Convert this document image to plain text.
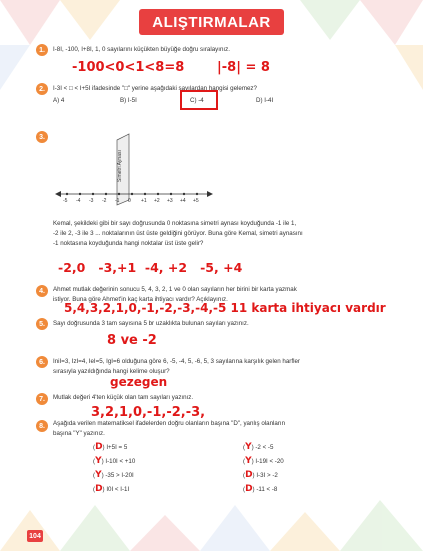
ALIŞTIRMALAR
1.	I-8I, -100, I+8I, 1, 0 sayılarını küçükten büyüğe doğru sıralayınız.
-100<0<1<8=8	|-8| = 8
2.	I-3I < □ < I+5I ifadesinde "□" yerine aşağıdaki sayılardan hangisi gelemez?
A) 4	B) I-5I	C) -4	D) I-4I
3.
Simetri Aynası
-5 -4 -3 -2 -1 0 +1 +2 +3 +4 +5
Kemal, şekildeki gibi bir sayı doğrusunda 0 noktasına simetri aynası koyduğunda -1 ile 1,
-2 ile 2, -3 ile 3 ... noktalarının üst üste geldiğini görüyor. Buna göre Kemal, simetri aynasını
-1 noktasına koyduğunda hangi noktalar üst üste gelir?
-2,0   -3,+1  -4, +2   -5, +4
4.	Ahmet mutlak değerinin sonucu 5, 4, 3, 2, 1 ve 0 olan sayıların her birini bir karta yazmak
istiyor. Buna göre Ahmet'in kaç karta ihtiyacı vardır? Açıklayınız.
5,4,3,2,1,0,-1,-2,-3,-4,-5 11 karta ihtiyacı vardır
5.	Sayı doğrusunda 3 tam sayısına 5 br uzaklıkta bulunan sayıları yazınız.
8 ve -2
6.	IniI=3, IzI=4, IeI=5, IgI=6 olduğuna göre 6, -5, -4, 5, -6, 5, 3 sayılarına karşılık gelen harfler
sırasıyla yazıldığında hangi kelime oluşur?
gezegen
7.	Mutlak değeri 4'ten küçük olan tam sayıları yazınız.
3,2,1,0,-1,-2,-3,
8.	Aşağıda verilen matematiksel ifadelerden doğru olanların başına "D", yanlış olanların
başına "Y" yazınız.
(D) I+5I = 5
(Y) I-10I < +10
(Y) -35 > I-20I
(D) I0I < I-1I
(Y) -2 < -5
(Y) I-19I < -20
(D) I-3I > -2
(D) -11 < -8
104
